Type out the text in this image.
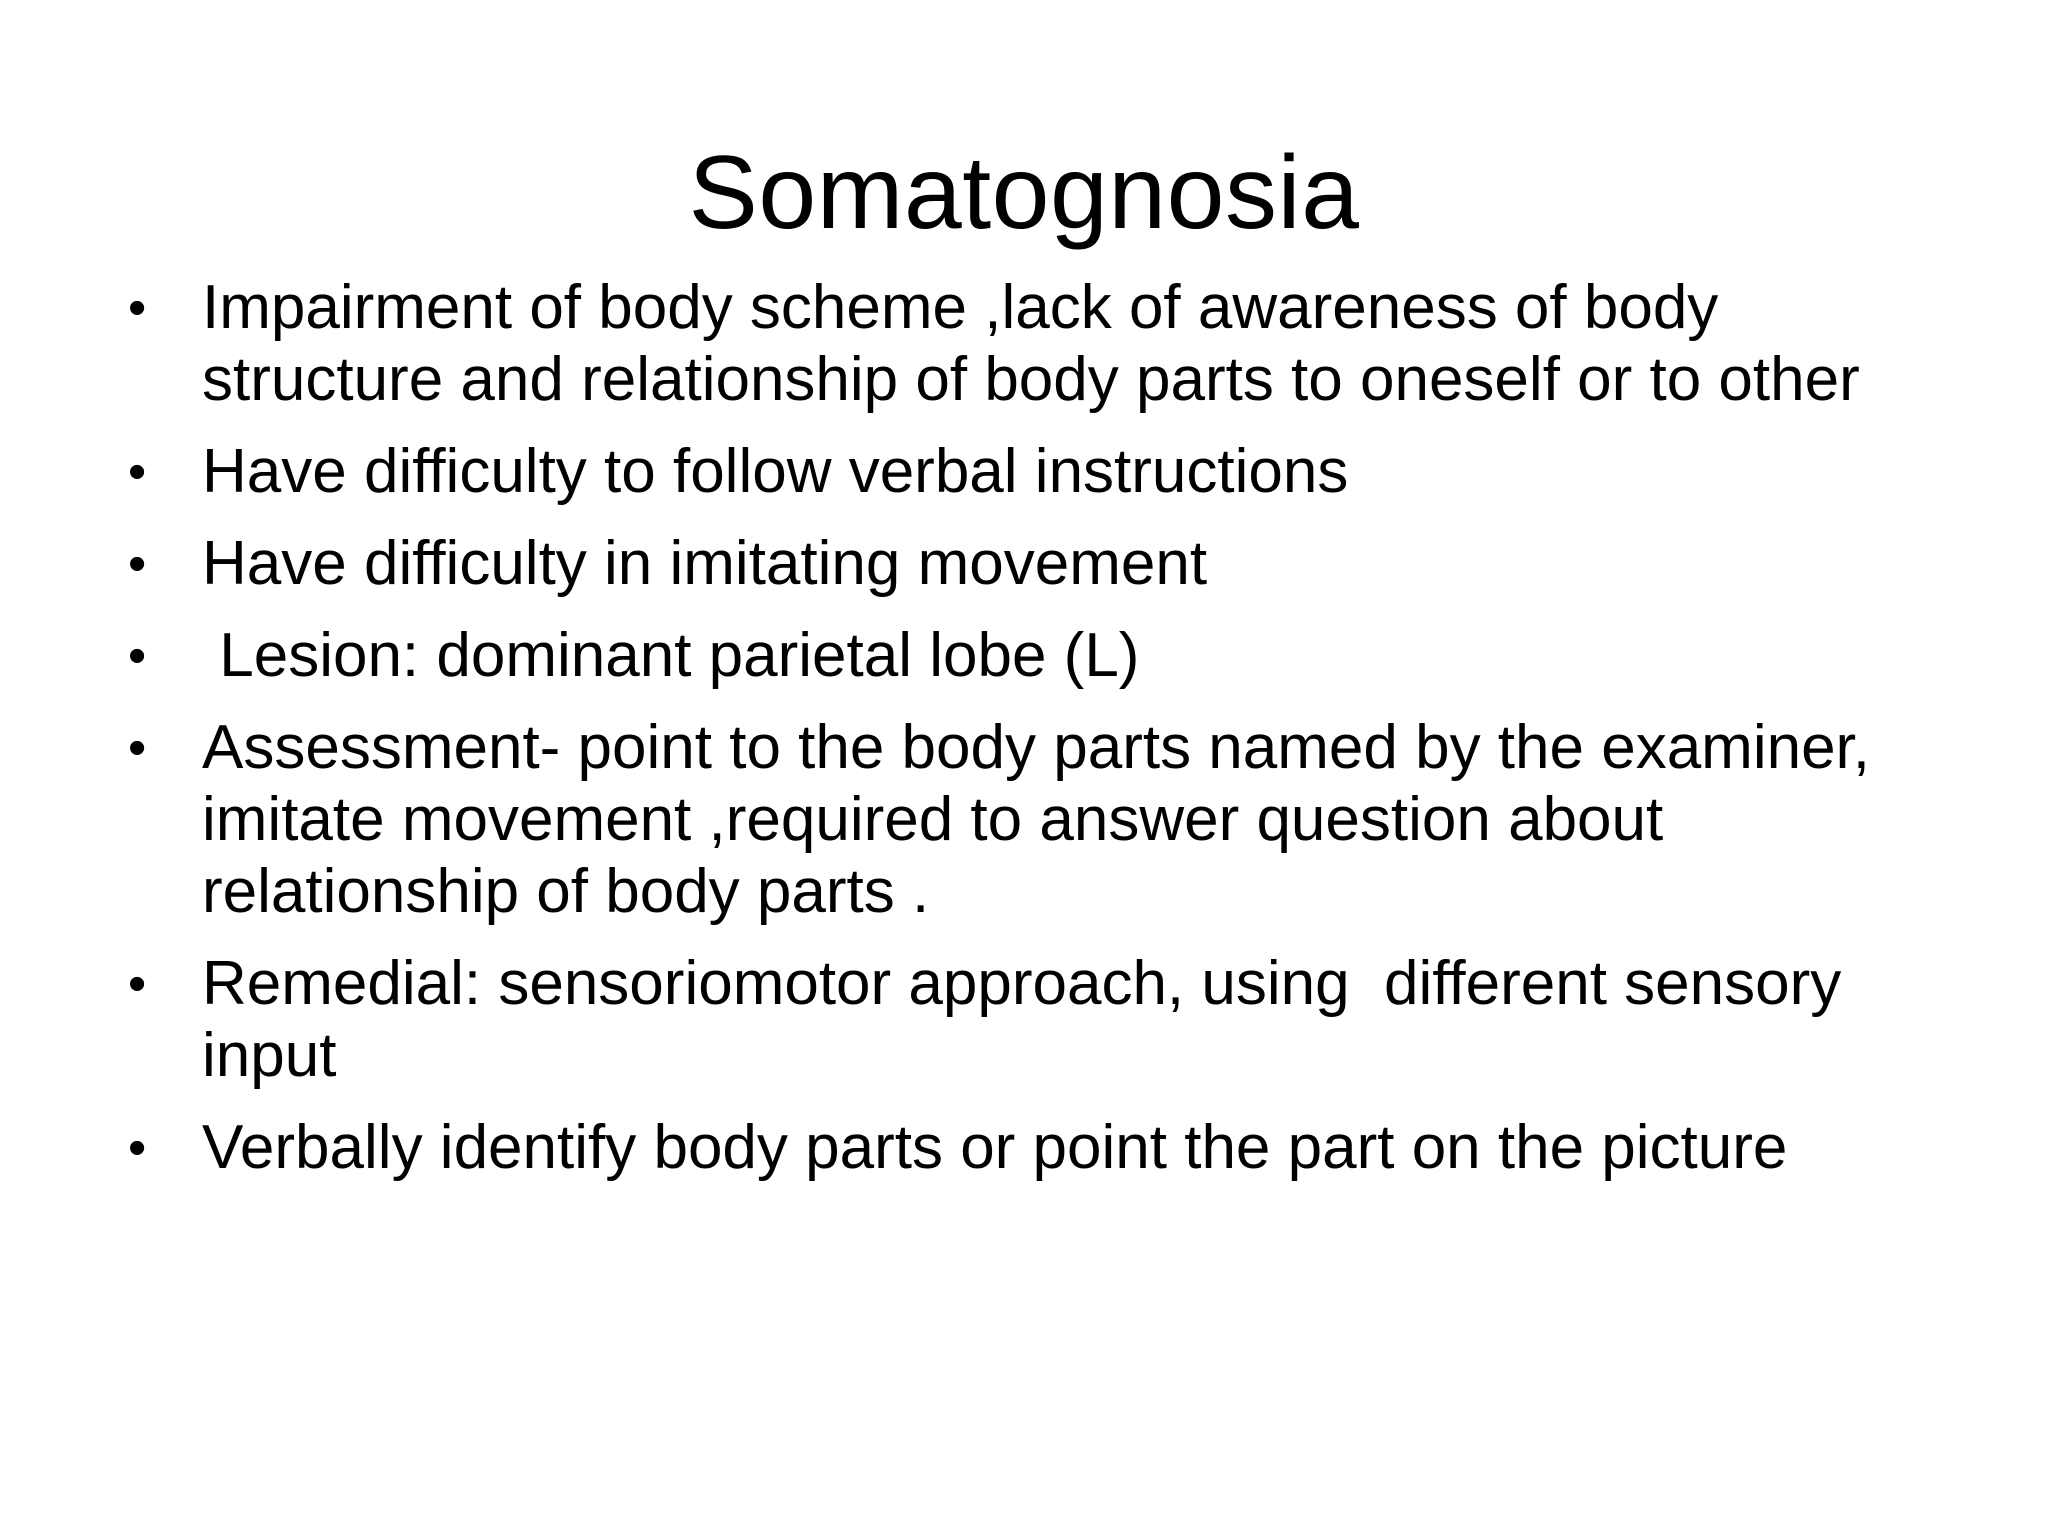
Somatognosia
• Impairment of body scheme ,lack of awareness of body structure and relationship of body parts to oneself or to other
• Have difficulty to follow verbal instructions
• Have difficulty in imitating movement
• Lesion: dominant parietal lobe (L)
• Assessment- point to the body parts named by the examiner, imitate movement ,required to answer question about relationship of body parts .
• Remedial: sensoriomotor approach, using  different sensory input
• Verbally identify body parts or point the part on the picture
